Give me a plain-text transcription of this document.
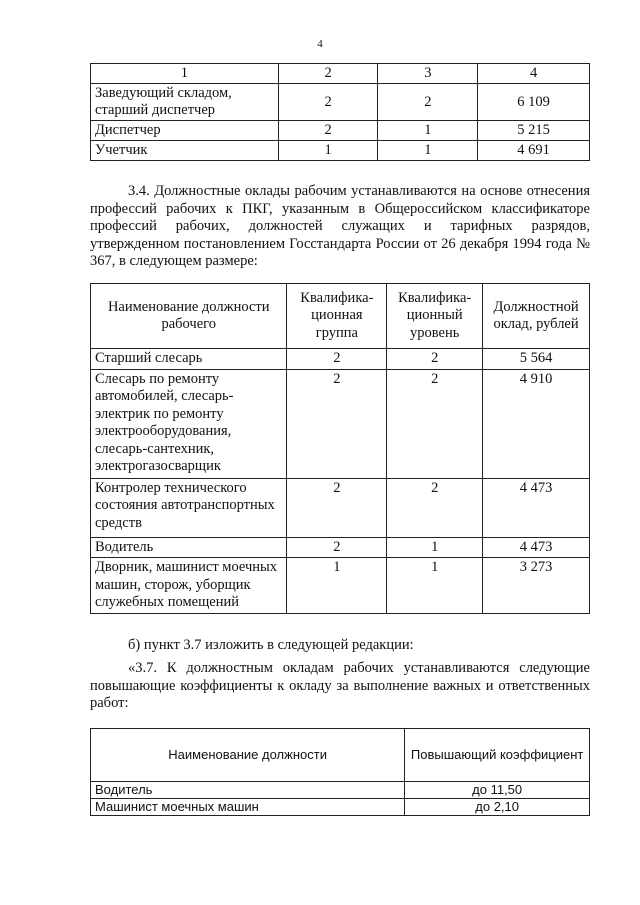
4
1	2	3	4
Заведующий складом, старший диспетчер	2	2	6 109
Диспетчер	2	1	5 215
Учетчик	1	1	4 691

3.4. Должностные оклады рабочим устанавливаются на основе отнесения профессий рабочих к ПКГ, указанным в Общероссийском классификаторе профессий рабочих, должностей служащих и тарифных разрядов, утвержденном постановлением Госстандарта России от 26 декабря 1994 года № 367, в следующем размере:

Наименование должности рабочего	Квалифика-ционная группа	Квалифика-ционный уровень	Должностной оклад, рублей
Старший слесарь	2	2	5 564
Слесарь по ремонту автомобилей, слесарь-электрик по ремонту электрооборудования, слесарь-сантехник, электрогазосварщик	2	2	4 910
Контролер технического состояния автотранспортных средств	2	2	4 473
Водитель	2	1	4 473
Дворник, машинист моечных машин, сторож, уборщик служебных помещений	1	1	3 273

б) пункт 3.7 изложить в следующей редакции:

«3.7. К должностным окладам рабочих устанавливаются следующие повышающие коэффициенты к окладу за выполнение важных и ответственных работ:

Наименование должности	Повышающий коэффициент
Водитель	до 11,50
Машинист моечных машин	до 2,10
